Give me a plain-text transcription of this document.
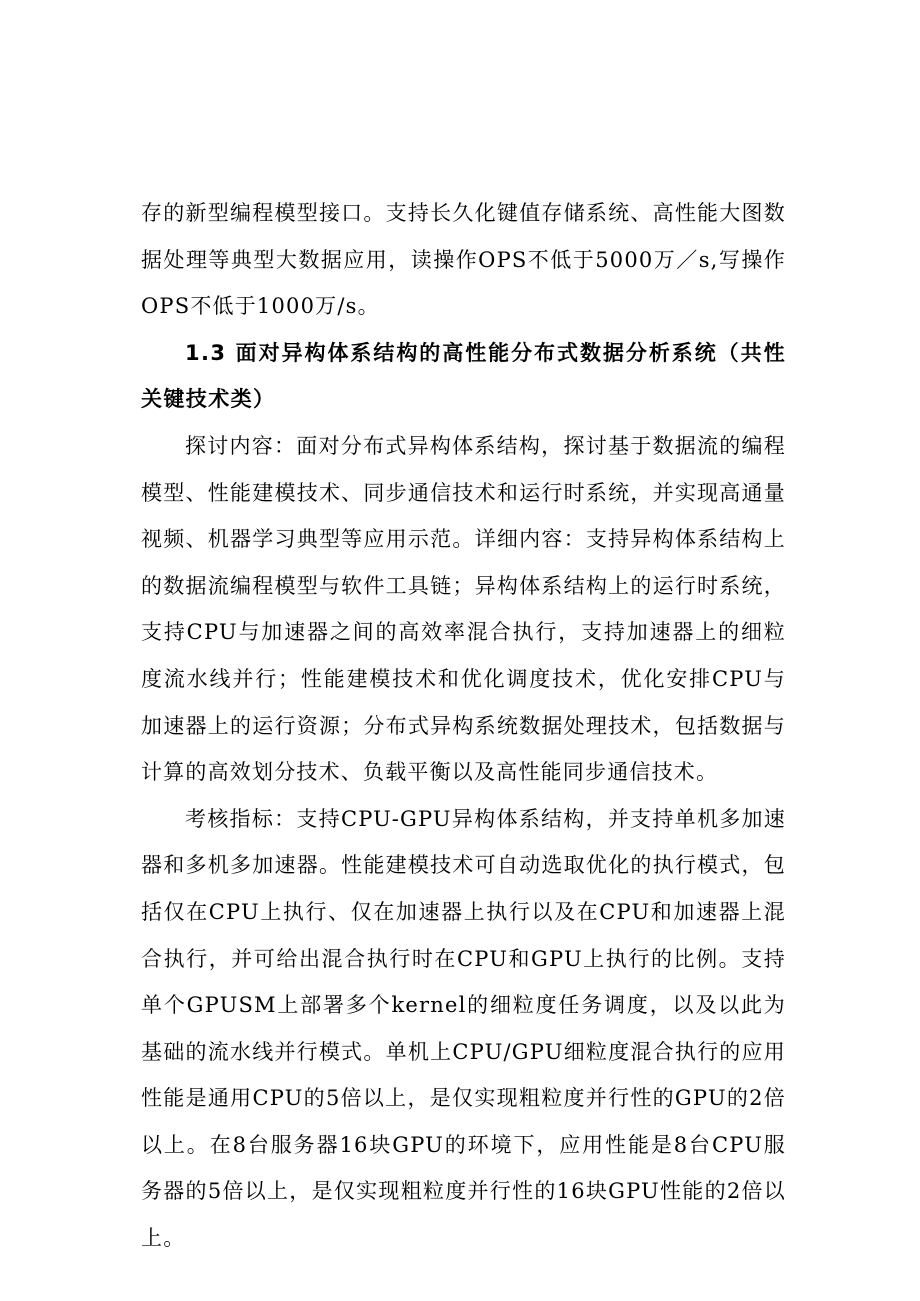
存的新型编程模型接口。支持长久化键值存储系统、高性能大图数据处理等典型大数据应用，读操作OPS不低于5000万／s,写操作OPS不低于1000万/s。

1.3 面对异构体系结构的高性能分布式数据分析系统（共性关键技术类）

探讨内容：面对分布式异构体系结构，探讨基于数据流的编程模型、性能建模技术、同步通信技术和运行时系统，并实现高通量视频、机器学习典型等应用示范。详细内容：支持异构体系结构上的数据流编程模型与软件工具链；异构体系结构上的运行时系统，支持CPU与加速器之间的高效率混合执行，支持加速器上的细粒度流水线并行；性能建模技术和优化调度技术，优化安排CPU与加速器上的运行资源；分布式异构系统数据处理技术，包括数据与计算的高效划分技术、负载平衡以及高性能同步通信技术。

考核指标：支持CPU-GPU异构体系结构，并支持单机多加速器和多机多加速器。性能建模技术可自动选取优化的执行模式，包括仅在CPU上执行、仅在加速器上执行以及在CPU和加速器上混合执行，并可给出混合执行时在CPU和GPU上执行的比例。支持单个GPUSM上部署多个kernel的细粒度任务调度，以及以此为基础的流水线并行模式。单机上CPU/GPU细粒度混合执行的应用性能是通用CPU的5倍以上，是仅实现粗粒度并行性的GPU的2倍以上。在8台服务器16块GPU的环境下，应用性能是8台CPU服务器的5倍以上，是仅实现粗粒度并行性的16块GPU性能的2倍以上。
